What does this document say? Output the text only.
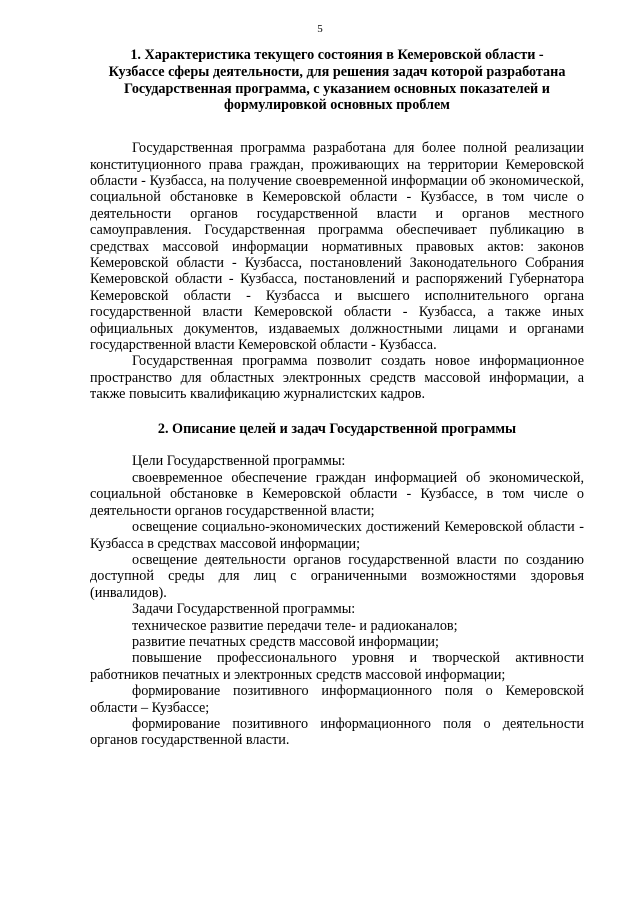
5
1. Характеристика текущего состояния в Кемеровской области -
Кузбассе сферы деятельности, для решения задач которой разработана
Государственная программа, с указанием основных показателей и
формулировкой основных проблем

Государственная программа разработана для более полной реализации конституционного права граждан, проживающих на территории Кемеровской области - Кузбасса, на получение своевременной информации об экономической, социальной обстановке в Кемеровской области - Кузбассе, в том числе о деятельности органов государственной власти и органов местного самоуправления. Государственная программа обеспечивает публикацию в средствах массовой информации нормативных правовых актов: законов Кемеровской области - Кузбасса, постановлений Законодательного Собрания Кемеровской области - Кузбасса, постановлений и распоряжений Губернатора Кемеровской области - Кузбасса и высшего исполнительного органа государственной власти Кемеровской области - Кузбасса, а также иных официальных документов, издаваемых должностными лицами и органами государственной власти Кемеровской области - Кузбасса.

Государственная программа позволит создать новое информационное пространство для областных электронных средств массовой информации, а также повысить квалификацию журналистских кадров.

2. Описание целей и задач Государственной программы

Цели Государственной программы:

своевременное обеспечение граждан информацией об экономической, социальной обстановке в Кемеровской области - Кузбассе, в том числе о деятельности органов государственной власти;

освещение социально-экономических достижений Кемеровской области - Кузбасса в средствах массовой информации;

освещение деятельности органов государственной власти по созданию доступной среды для лиц с ограниченными возможностями здоровья (инвалидов).

Задачи Государственной программы:

техническое развитие передачи теле- и радиоканалов;

развитие печатных средств массовой информации;

повышение профессионального уровня и творческой активности работников печатных и электронных средств массовой информации;

формирование позитивного информационного поля о Кемеровской области – Кузбассе;

формирование позитивного информационного поля о деятельности органов государственной власти.
